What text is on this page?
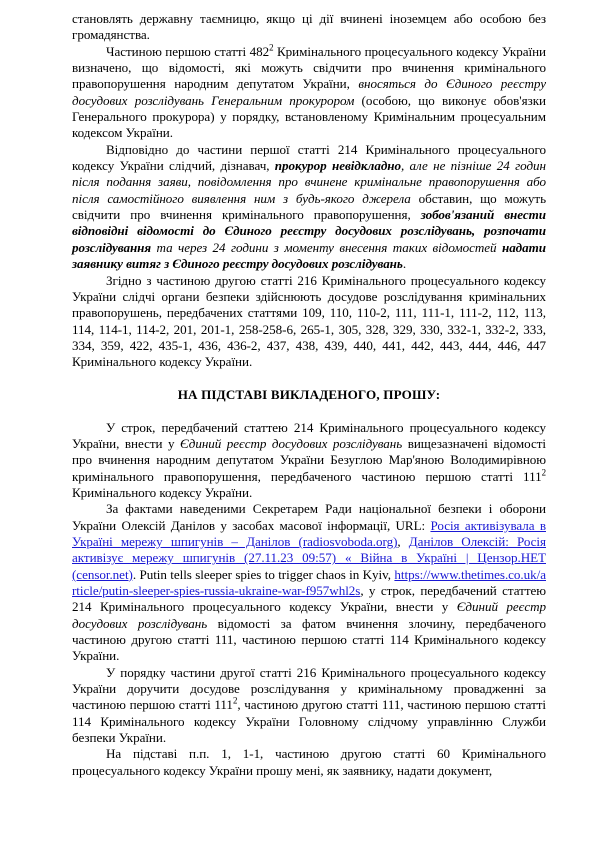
становлять державну таємницю, якщо ці дії вчинені іноземцем або особою без громадянства.

Частиною першою статті $482^2$ Кримінального процесуального кодексу України визначено, що відомості, які можуть свідчити про вчинення кримінального правопорушення народним депутатом України, вносяться до Єдиного реєстру досудових розслідувань Генеральним прокурором (особою, що виконує обов'язки Генерального прокурора) у порядку, встановленому Кримінальним процесуальним кодексом України.

Відповідно до частини першої статті 214 Кримінального процесуального кодексу України слідчий, дізнавач, прокурор невідкладно, але не пізніше 24 годин після подання заяви, повідомлення про вчинене кримінальне правопорушення або після самостійного виявлення ним з будь-якого джерела обставин, що можуть свідчити про вчинення кримінального правопорушення, зобов'язаний внести відповідні відомості до Єдиного реєстру досудових розслідувань, розпочати розслідування та через 24 години з моменту внесення таких відомостей надати заявнику витяг з Єдиного реєстру досудових розслідувань.

Згідно з частиною другою статті 216 Кримінального процесуального кодексу України слідчі органи безпеки здійснюють досудове розслідування кримінальних правопорушень, передбачених статтями 109, 110, 110-2, 111, 111-1, 111-2, 112, 113, 114, 114-1, 114-2, 201, 201-1, 258-258-6, 265-1, 305, 328, 329, 330, 332-1, 332-2, 333, 334, 359, 422, 435-1, 436, 436-2, 437, 438, 439, 440, 441, 442, 443, 444, 446, 447 Кримінального кодексу України.

НА ПІДСТАВІ ВИКЛАДЕНОГО, ПРОШУ:

У строк, передбачений статтею 214 Кримінального процесуального кодексу України, внести у Єдиний реєстр досудових розслідувань вищезазначені відомості про вчинення народним депутатом України Безуглою Мар'яною Володимирівною кримінального правопорушення, передбаченого частиною першою статті $111^2$ Кримінального кодексу України.

За фактами наведеними Секретарем Ради національної безпеки і оборони України Олексій Данілов у засобах масової інформації, URL: Росія активізувала в Україні мережу шпигунів – Данілов (radiosvoboda.org), Данілов Олексій: Росія активізує мережу шпигунів (27.11.23 09:57) « Війна в Україні | Цензор.НЕТ (censor.net). Putin tells sleeper spies to trigger chaos in Kyiv, https://www.thetimes.co.uk/article/putin-sleeper-spies-russia-ukraine-war-f957whl2s, у строк, передбачений статтею 214 Кримінального процесуального кодексу України, внести у Єдиний реєстр досудових розслідувань відомості за фатом вчинення злочину, передбаченого частиною другою статті 111, частиною першою статті 114 Кримінального кодексу України.

У порядку частини другої статті 216 Кримінального процесуального кодексу України доручити досудове розслідування у кримінальному провадженні за частиною першою статті $111^2$, частиною другою статті 111, частиною першою статті 114 Кримінального кодексу України Головному слідчому управлінню Служби безпеки України.

На підставі п.п. 1, 1-1, частиною другою статті 60 Кримінального процесуального кодексу України прошу мені, як заявнику, надати документ,
